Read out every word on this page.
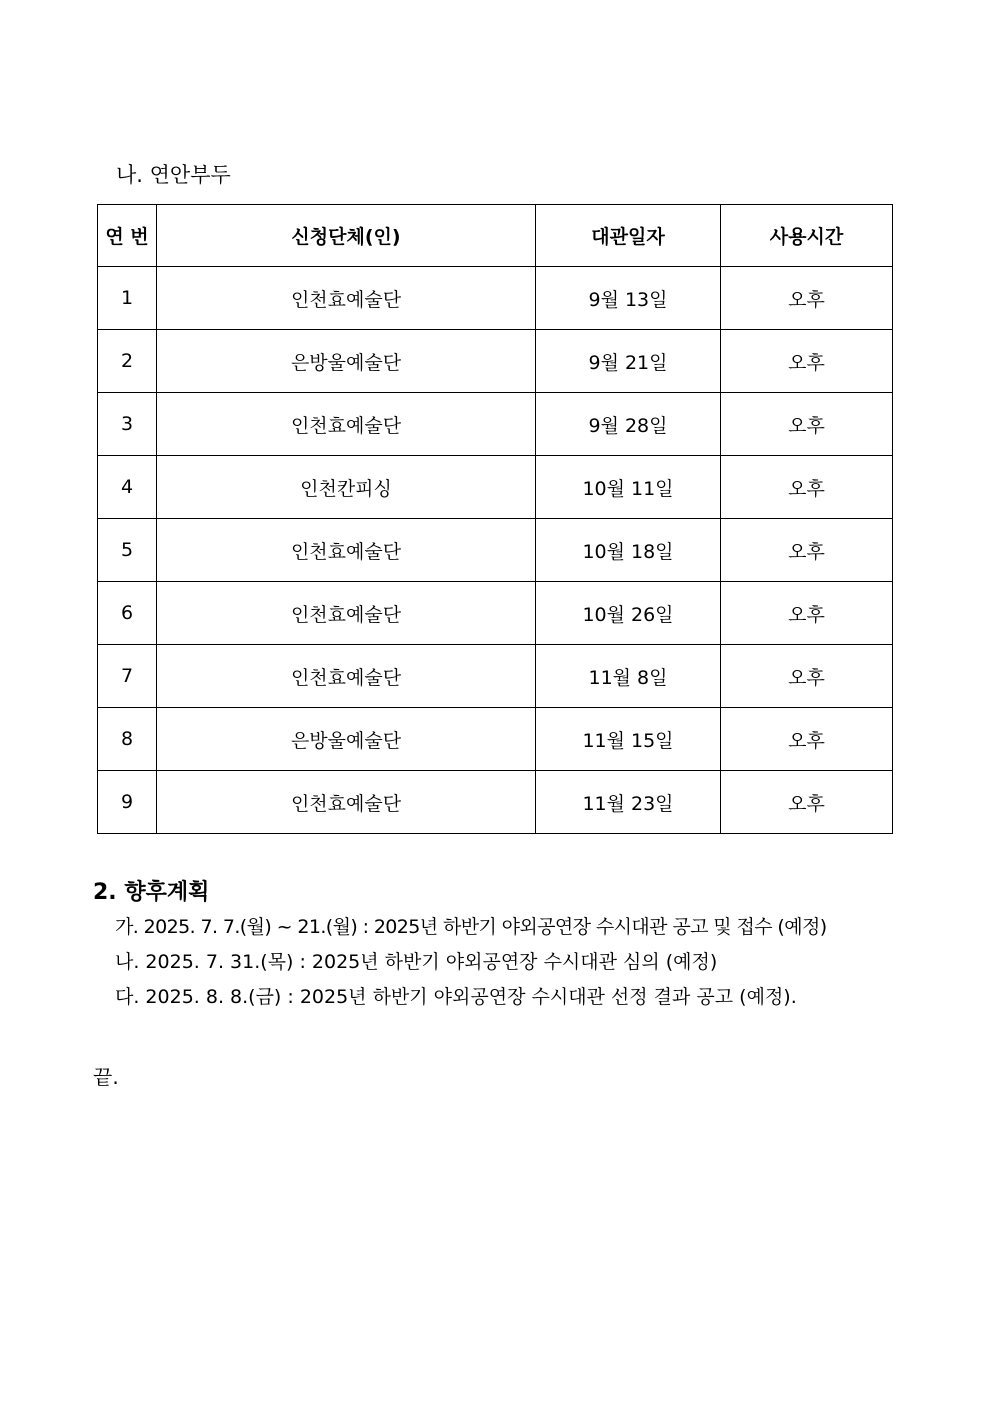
나. 연안부두
연 번	신청단체(인)	대관일자	사용시간
1	인천효예술단	9월 13일	오후
2	은방울예술단	9월 21일	오후
3	인천효예술단	9월 28일	오후
4	인천칸피싱	10월 11일	오후
5	인천효예술단	10월 18일	오후
6	인천효예술단	10월 26일	오후
7	인천효예술단	11월 8일	오후
8	은방울예술단	11월 15일	오후
9	인천효예술단	11월 23일	오후
2. 향후계획
가. 2025. 7. 7.(월) ~ 21.(월) : 2025년 하반기 야외공연장 수시대관 공고 및 접수 (예정)
나. 2025. 7. 31.(목) : 2025년 하반기 야외공연장 수시대관 심의 (예정)
다. 2025. 8. 8.(금) : 2025년 하반기 야외공연장 수시대관 선정 결과 공고 (예정).
끝.
